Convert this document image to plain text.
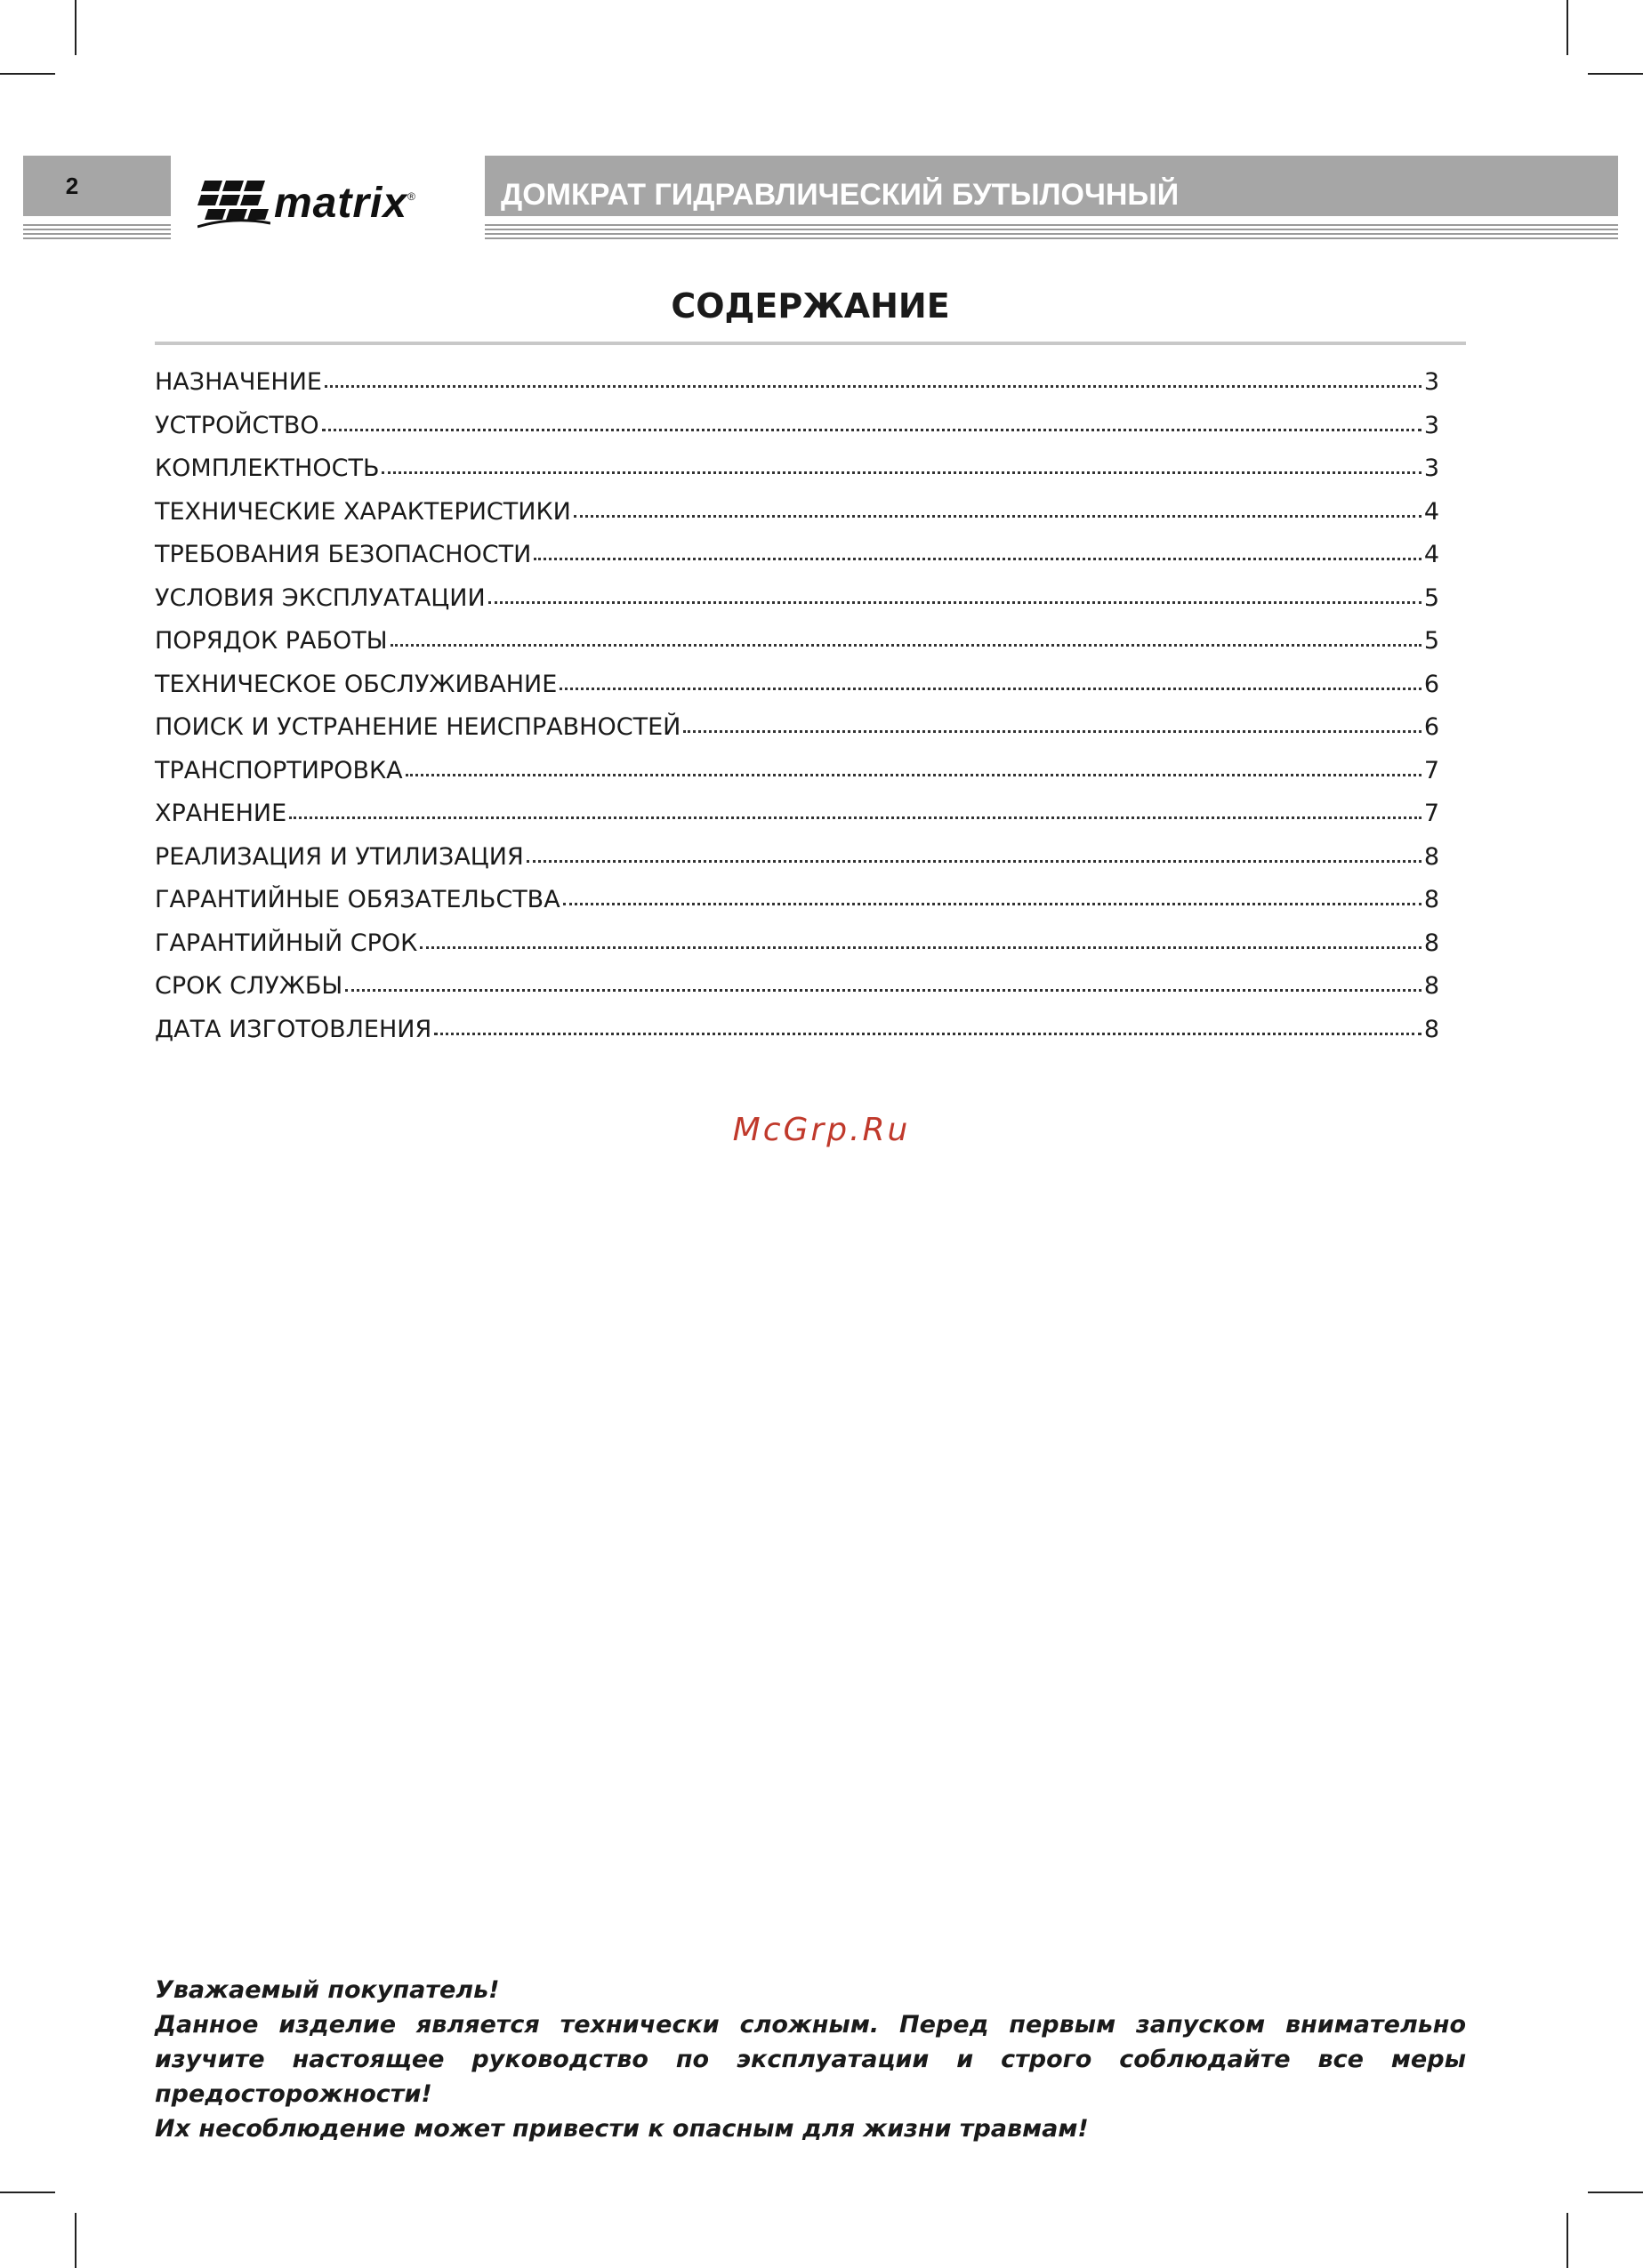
2	matrix ®	ДОМКРАТ ГИДРАВЛИЧЕСКИЙ БУТЫЛОЧНЫЙ
СОДЕРЖАНИЕ
НАЗНАЧЕНИЕ	3
УСТРОЙСТВО	3
КОМПЛЕКТНОСТЬ	3
ТЕХНИЧЕСКИЕ ХАРАКТЕРИСТИКИ	4
ТРЕБОВАНИЯ БЕЗОПАСНОСТИ	4
УСЛОВИЯ ЭКСПЛУАТАЦИИ	5
ПОРЯДОК РАБОТЫ	5
ТЕХНИЧЕСКОЕ ОБСЛУЖИВАНИЕ	6
ПОИСК И УСТРАНЕНИЕ НЕИСПРАВНОСТЕЙ	6
ТРАНСПОРТИРОВКА	7
ХРАНЕНИЕ	7
РЕАЛИЗАЦИЯ И УТИЛИЗАЦИЯ	8
ГАРАНТИЙНЫЕ ОБЯЗАТЕЛЬСТВА	8
ГАРАНТИЙНЫЙ СРОК	8
СРОК СЛУЖБЫ	8
ДАТА ИЗГОТОВЛЕНИЯ	8
McGrp.Ru

Уважаемый покупатель!

Данное изделие является технически сложным. Перед первым запуском внимательно изучите настоящее руководство по эксплуатации и строго соблюдайте все меры предосторожности!

Их несоблюдение может привести к опасным для жизни травмам!
